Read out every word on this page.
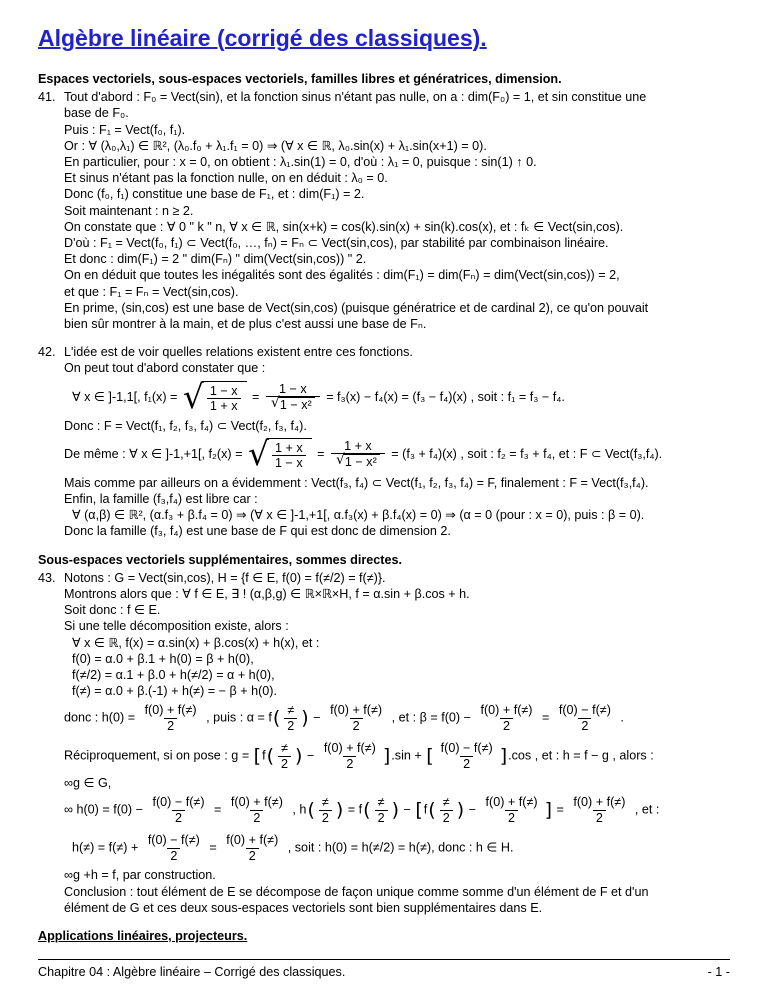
Algèbre linéaire (corrigé des classiques).
Espaces vectoriels, sous-espaces vectoriels, familles libres et génératrices, dimension.
41. Tout d'abord : F₀ = Vect(sin), et la fonction sinus n'étant pas nulle, on a : dim(F₀) = 1, et sin constitue une
base de F₀.
Puis : F₁ = Vect(f₀, f₁).
Or : ∀ (λ₀,λ₁) ∈ ℝ², (λ₀.f₀ + λ₁.f₁ = 0) ⇒ (∀ x ∈ ℝ, λ₀.sin(x) + λ₁.sin(x+1) = 0).
En particulier, pour : x = 0, on obtient : λ₁.sin(1) = 0, d'où : λ₁ = 0, puisque : sin(1) ↑ 0.
Et sinus n'étant pas la fonction nulle, on en déduit : λ₀ = 0.
Donc (f₀, f₁) constitue une base de F₁, et : dim(F₁) = 2.
Soit maintenant : n ≥ 2.
On constate que : ∀ 0 " k " n, ∀ x ∈ ℝ, sin(x+k) = cos(k).sin(x) + sin(k).cos(x), et : fₖ ∈ Vect(sin,cos).
D'où : F₁ = Vect(f₀, f₁) ⊂ Vect(f₀, …, fₙ) = Fₙ ⊂ Vect(sin,cos), par stabilité par combinaison linéaire.
Et donc : dim(F₁) = 2 " dim(Fₙ) " dim(Vect(sin,cos)) " 2.
On en déduit que toutes les inégalités sont des égalités : dim(F₁) = dim(Fₙ) = dim(Vect(sin,cos)) = 2,
et que : F₁ = Fₙ = Vect(sin,cos).
En prime, (sin,cos) est une base de Vect(sin,cos) (puisque génératrice et de cardinal 2), ce qu'on pouvait
bien sûr montrer à la main, et de plus c'est aussi une base de Fₙ.
42. L'idée est de voir quelles relations existent entre ces fonctions.
On peut tout d'abord constater que :
∀ x ∈ ]-1,1[, f₁(x) = √ $\frac{1 - x}{1 + x} = \frac{1 - x}{\text{√ 1 − x²}} = f_3(x) - f_4(x) = (f_3 - f_4)(x)$ , soit : f₁ = f₃ − f₄.
Donc : F = Vect(f₁, f₂, f₃, f₄) ⊂ Vect(f₂, f₃, f₄).
De même : ∀ x ∈ ]-1,+1[, f₂(x) = √ $\frac{1 + x}{1 - x} = \frac{1 + x}{\text{√ 1 − x²}} = (f_3 + f_4)(x)$ , soit : f₂ = f₃ + f₄, et : F ⊂ Vect(f₃,f₄).
Mais comme par ailleurs on a évidemment : Vect(f₃, f₄) ⊂ Vect(f₁, f₂, f₃, f₄) = F, finalement : F = Vect(f₃,f₄).
Enfin, la famille (f₃,f₄) est libre car :
∀ (α,β) ∈ ℝ², (α.f₃ + β.f₄ = 0) ⇒ (∀ x ∈ ]-1,+1[, α.f₃(x) + β.f₄(x) = 0) ⇒ (α = 0 (pour : x = 0), puis : β = 0).
Donc la famille (f₃, f₄) est une base de F qui est donc de dimension 2.
Sous-espaces vectoriels supplémentaires, sommes directes.
43. Notons : G = Vect(sin,cos), H = {f ∈ E, f(0) = f(≠/2) = f(≠)}.
Montrons alors que : ∀ f ∈ E, ∃ ! (α,β,g) ∈ ℝ×ℝ×H, f = α.sin + β.cos + h.
Soit donc : f ∈ E.
Si une telle décomposition existe, alors :
∀ x ∈ ℝ, f(x) = α.sin(x) + β.cos(x) + h(x), et :
f(0) = α.0 + β.1 + h(0) = β + h(0),
f(≠/2) = α.1 + β.0 + h(≠/2) = α + h(0),
f(≠) = α.0 + β.(-1) + h(≠) = − β + h(0).
donc : $h(0) = \frac{f(0) + f(\ne)}{2}$ , puis : $\alpha = f( \frac{\ne}{2}$ ) − $\frac{f(0) + f(\ne)}{2}$ , et : $\beta = f(0) - \frac{f(0) + f(\ne)}{2} = \frac{f(0) - f(\ne)}{2}$ .
Réciproquement, si on pose : $g = [f( \frac{\ne}{2}$ ) − $\frac{f(0) + f(\ne)}{2} ].\sin$ + [ $\frac{f(0) - f(\ne)}{2} ].\cos$ , et : h = f − g , alors :
∞g ∈ G,
∞ $h(0) = f(0) - \frac{f(0) - f(\ne)}{2} = \frac{f(0) + f(\ne)}{2}$ , $h( \frac{\ne}{2}$ ) = $f( \frac{\ne}{2}$ ) − [$f( \frac{\ne}{2}$ ) − $\frac{f(0) + f(\ne)}{2}$ ] = $\frac{f(0) + f(\ne)}{2}$ , et :
$h(\ne) = f(\ne) + \frac{f(0) - f(\ne)}{2} = \frac{f(0) + f(\ne)}{2}$ , soit : h(0) = h(≠/2) = h(≠), donc : h ∈ H.
∞g +h = f, par construction.
Conclusion : tout élément de E se décompose de façon unique comme somme d'un élément de F et d'un
élément de G et ces deux sous-espaces vectoriels sont bien supplémentaires dans E.
Applications linéaires, projecteurs.
Chapitre 04 : Algèbre linéaire – Corrigé des classiques.	- 1 -
